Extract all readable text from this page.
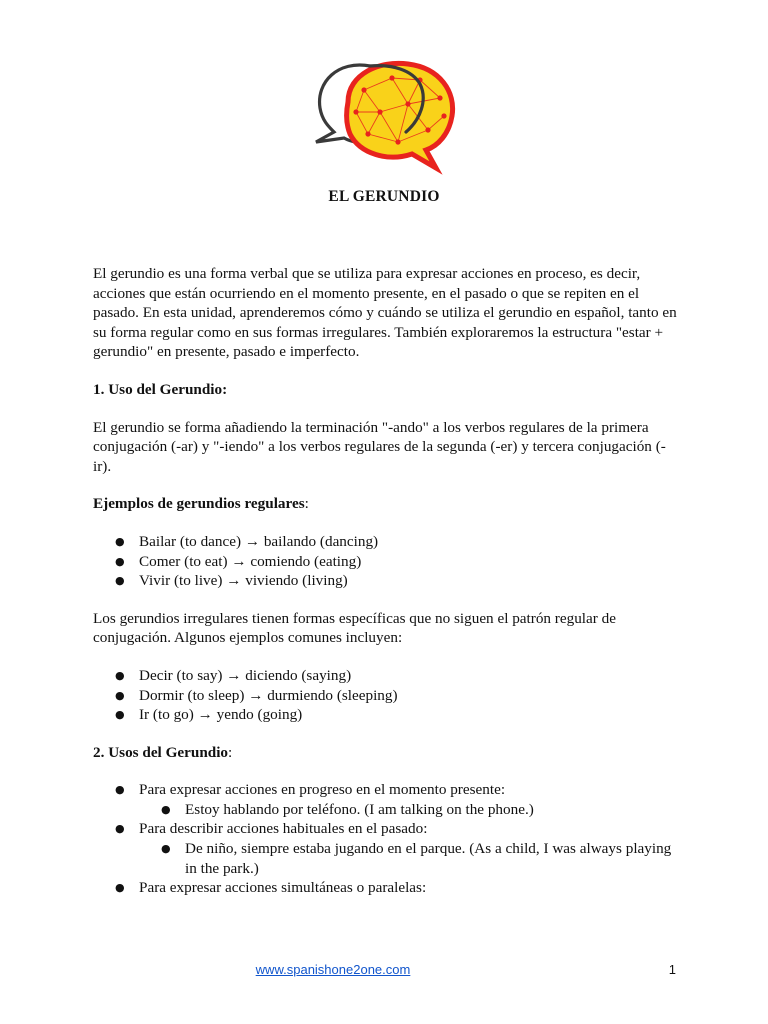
EL GERUNDIO

El gerundio es una forma verbal que se utiliza para expresar acciones en proceso, es decir, acciones que están ocurriendo en el momento presente, en el pasado o que se repiten en el pasado. En esta unidad, aprenderemos cómo y cuándo se utiliza el gerundio en español, tanto en su forma regular como en sus formas irregulares. También exploraremos la estructura "estar + gerundio" en presente, pasado e imperfecto.

1. Uso del Gerundio:

El gerundio se forma añadiendo la terminación "-ando" a los verbos regulares de la primera conjugación (-ar) y "-iendo" a los verbos regulares de la segunda (-er) y tercera conjugación (-ir).

Ejemplos de gerundios regulares:

● Bailar (to dance) → bailando (dancing)
● Comer (to eat) → comiendo (eating)
● Vivir (to live) → viviendo (living)

Los gerundios irregulares tienen formas específicas que no siguen el patrón regular de conjugación. Algunos ejemplos comunes incluyen:

● Decir (to say) → diciendo (saying)
● Dormir (to sleep) → durmiendo (sleeping)
● Ir (to go) → yendo (going)

2. Usos del Gerundio:

● Para expresar acciones en progreso en el momento presente:
● Estoy hablando por teléfono. (I am talking on the phone.)
● Para describir acciones habituales en el pasado:
● De niño, siempre estaba jugando en el parque. (As a child, I was always playing in the park.)
● Para expresar acciones simultáneas o paralelas:
www.spanishone2one.com	1
